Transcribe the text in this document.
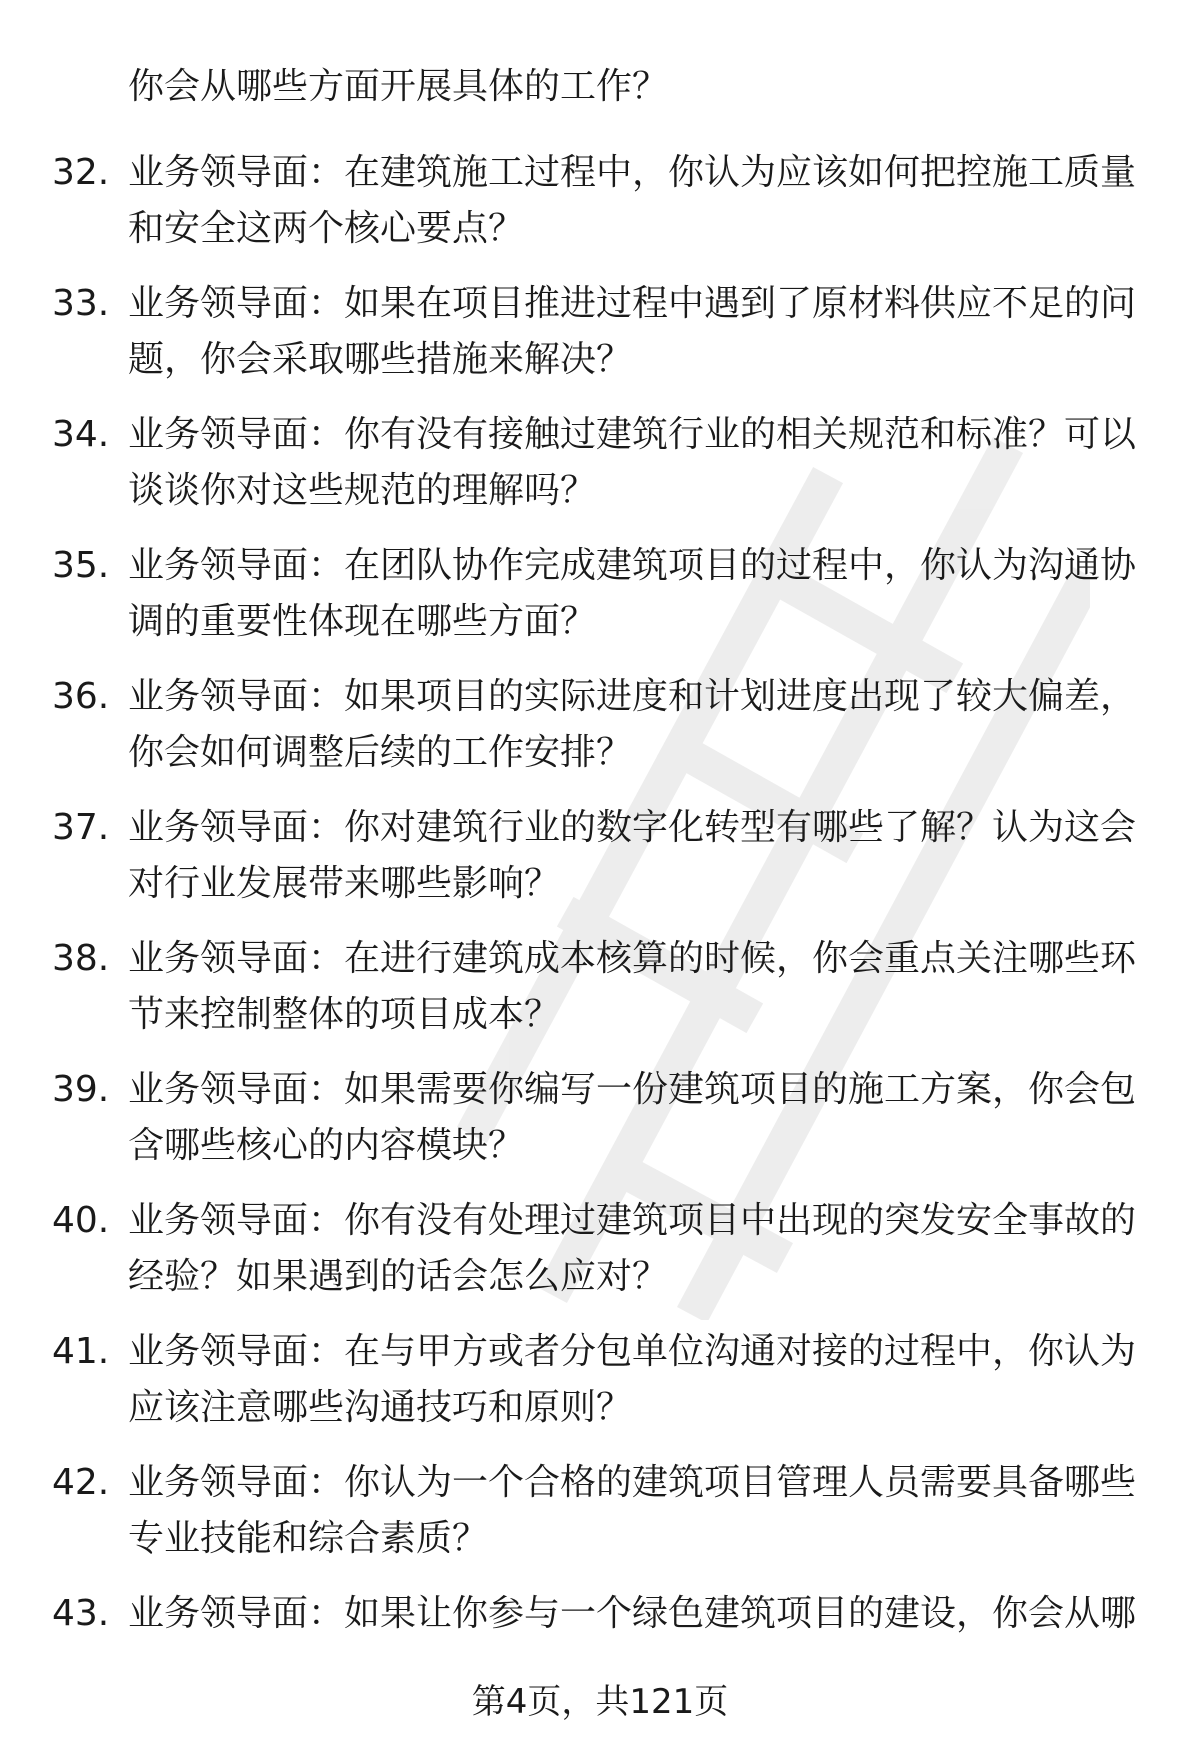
你会从哪些方面开展具体的工作？
32. 业务领导面：在建筑施工过程中，你认为应该如何把控施工质量
和安全这两个核心要点？
33. 业务领导面：如果在项目推进过程中遇到了原材料供应不足的问
题，你会采取哪些措施来解决？
34. 业务领导面：你有没有接触过建筑行业的相关规范和标准？可以
谈谈你对这些规范的理解吗？
35. 业务领导面：在团队协作完成建筑项目的过程中，你认为沟通协
调的重要性体现在哪些方面？
36. 业务领导面：如果项目的实际进度和计划进度出现了较大偏差，
你会如何调整后续的工作安排？
37. 业务领导面：你对建筑行业的数字化转型有哪些了解？认为这会
对行业发展带来哪些影响？
38. 业务领导面：在进行建筑成本核算的时候，你会重点关注哪些环
节来控制整体的项目成本？
39. 业务领导面：如果需要你编写一份建筑项目的施工方案，你会包
含哪些核心的内容模块？
40. 业务领导面：你有没有处理过建筑项目中出现的突发安全事故的
经验？如果遇到的话会怎么应对？
41. 业务领导面：在与甲方或者分包单位沟通对接的过程中，你认为
应该注意哪些沟通技巧和原则？
42. 业务领导面：你认为一个合格的建筑项目管理人员需要具备哪些
专业技能和综合素质？
43. 业务领导面：如果让你参与一个绿色建筑项目的建设，你会从哪
第4页，共121页
